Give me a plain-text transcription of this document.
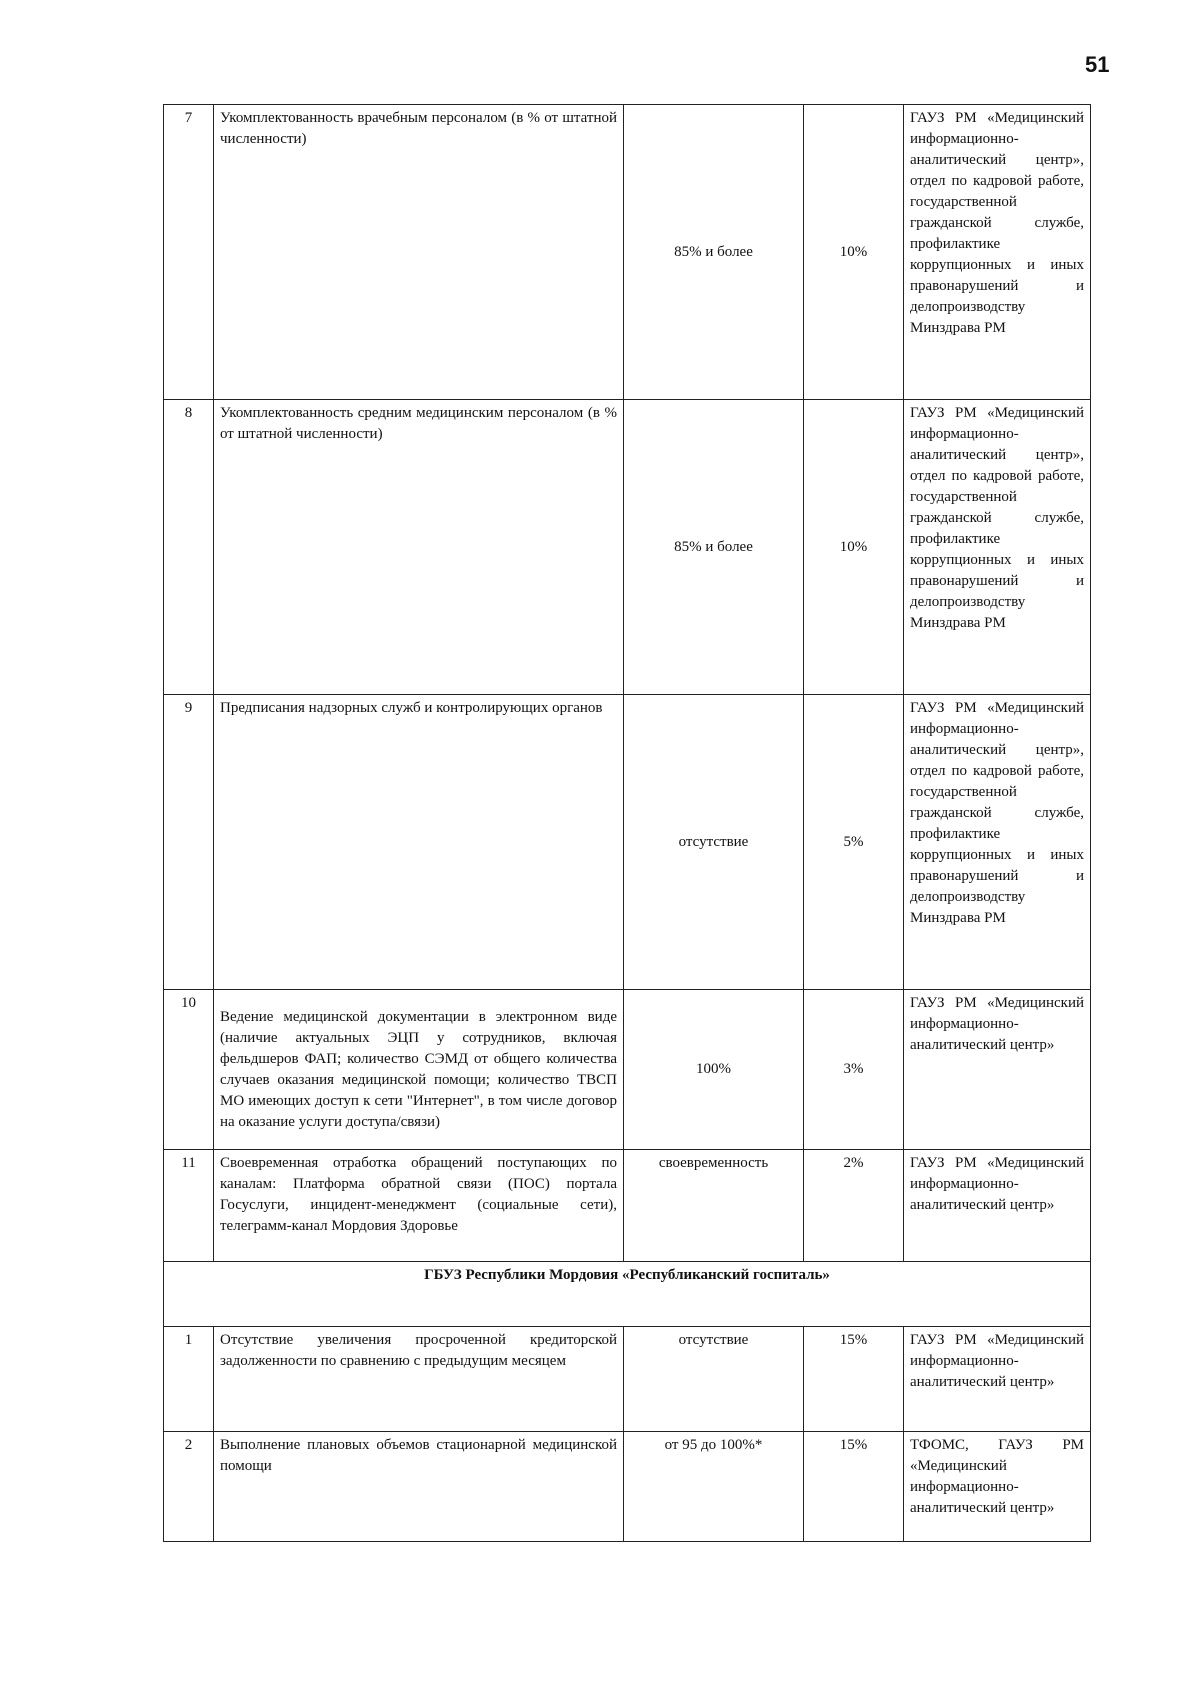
51
7	Укомплектованность врачебным персоналом (в % от штатной численности)	85% и более	10%	ГАУЗ РМ «Медицинский информационно-аналитический центр», отдел по кадровой работе, государственной гражданской службе, профилактике коррупционных и иных правонарушений и делопроизводству Минздрава РМ
8	Укомплектованность средним медицинским персоналом (в % от штатной численности)	85% и более	10%	ГАУЗ РМ «Медицинский информационно-аналитический центр», отдел по кадровой работе, государственной гражданской службе, профилактике коррупционных и иных правонарушений и делопроизводству Минздрава РМ
9	Предписания надзорных служб и контролирующих органов	отсутствие	5%	ГАУЗ РМ «Медицинский информационно-аналитический центр», отдел по кадровой работе, государственной гражданской службе, профилактике коррупционных и иных правонарушений и делопроизводству Минздрава РМ
10	Ведение медицинской документации в электронном виде (наличие актуальных ЭЦП у сотрудников, включая фельдшеров ФАП; количество СЭМД от общего количества случаев оказания медицинской помощи; количество ТВСП МО имеющих доступ к сети "Интернет", в том числе договор на оказание услуги доступа/связи)	100%	3%	ГАУЗ РМ «Медицинский информационно-аналитический центр»
11	Своевременная отработка обращений поступающих по каналам: Платформа обратной связи (ПОС) портала Госуслуги, инцидент-менеджмент (социальные сети), телеграмм-канал Мордовия Здоровье	своевременность	2%	ГАУЗ РМ «Медицинский информационно-аналитический центр»
ГБУЗ Республики Мордовия «Республиканский госпиталь»				
1	Отсутствие увеличения просроченной кредиторской задолженности по сравнению с предыдущим месяцем	отсутствие	15%	ГАУЗ РМ «Медицинский информационно-аналитический центр»
2	Выполнение плановых объемов стационарной медицинской помощи	от 95 до 100%*	15%	ТФОМС, ГАУЗ РМ «Медицинский информационно-аналитический центр»
